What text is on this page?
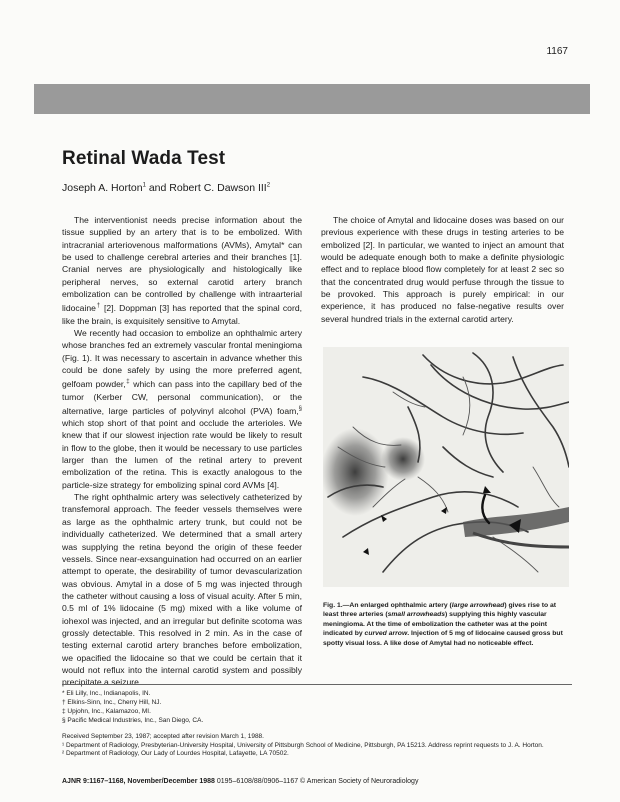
1167
Retinal Wada Test
Joseph A. Horton$^1$ and Robert C. Dawson III$^2$

The interventionist needs precise information about the tissue supplied by an artery that is to be embolized. With intracranial arteriovenous malformations (AVMs), Amytal* can be used to challenge cerebral arteries and their branches [1]. Cranial nerves are physiologically and histologically like peripheral nerves, so external carotid artery branch embolization can be controlled by challenge with intraarterial lidocaine† [2]. Doppman [3] has reported that the spinal cord, like the brain, is exquisitely sensitive to Amytal.

We recently had occasion to embolize an ophthalmic artery whose branches fed an extremely vascular frontal meningioma (Fig. 1). It was necessary to ascertain in advance whether this could be done safely by using the more preferred agent, gelfoam powder,‡ which can pass into the capillary bed of the tumor (Kerber CW, personal communication), or the alternative, large particles of polyvinyl alcohol (PVA) foam,§ which stop short of that point and occlude the arterioles. We knew that if our slowest injection rate would be likely to result in flow to the globe, then it would be necessary to use particles larger than the lumen of the retinal artery to prevent embolization of the retina. This is exactly analogous to the particle-size strategy for embolizing spinal cord AVMs [4].

The right ophthalmic artery was selectively catheterized by transfemoral approach. The feeder vessels themselves were as large as the ophthalmic artery trunk, but could not be individually catheterized. We determined that a small artery was supplying the retina beyond the origin of these feeder vessels. Since near-exsanguination had occurred on an earlier attempt to operate, the desirability of tumor devascularization was obvious. Amytal in a dose of 5 mg was injected through the catheter without causing a loss of visual acuity. After 5 min, 0.5 ml of 1% lidocaine (5 mg) mixed with a like volume of iohexol was injected, and an irregular but definite scotoma was grossly detectable. This resolved in 2 min. As in the case of testing external carotid artery branches before embolization, we opacified the lidocaine so that we could be certain that it would not reflux into the internal carotid system and possibly precipitate a seizure.

The choice of Amytal and lidocaine doses was based on our previous experience with these drugs in testing arteries to be embolized [2]. In particular, we wanted to inject an amount that would be adequate enough both to make a definite physiologic effect and to replace blood flow completely for at least 2 sec so that the concentrated drug would perfuse through the tissue to be provoked. This approach is purely empirical: in our experience, it has produced no false-negative results over several hundred trials in the external carotid artery.

Fig. 1.—An enlarged ophthalmic artery (large arrowhead) gives rise to at least three arteries (small arrowheads) supplying this highly vascular meningioma. At the time of embolization the catheter was at the point indicated by curved arrow. Injection of 5 mg of lidocaine caused gross but spotty visual loss. A like dose of Amytal had no noticeable effect.

* Eli Lilly, Inc., Indianapolis, IN.

† Elkins-Sinn, Inc., Cherry Hill, NJ.

‡ Upjohn, Inc., Kalamazoo, MI.

§ Pacific Medical Industries, Inc., San Diego, CA.

Received September 23, 1987; accepted after revision March 1, 1988.

¹ Department of Radiology, Presbyterian-University Hospital, University of Pittsburgh School of Medicine, Pittsburgh, PA 15213. Address reprint requests to J. A. Horton.

² Department of Radiology, Our Lady of Lourdes Hospital, Lafayette, LA 70502.

AJNR 9:1167–1168, November/December 1988 0195–6108/88/0906–1167 © American Society of Neuroradiology
